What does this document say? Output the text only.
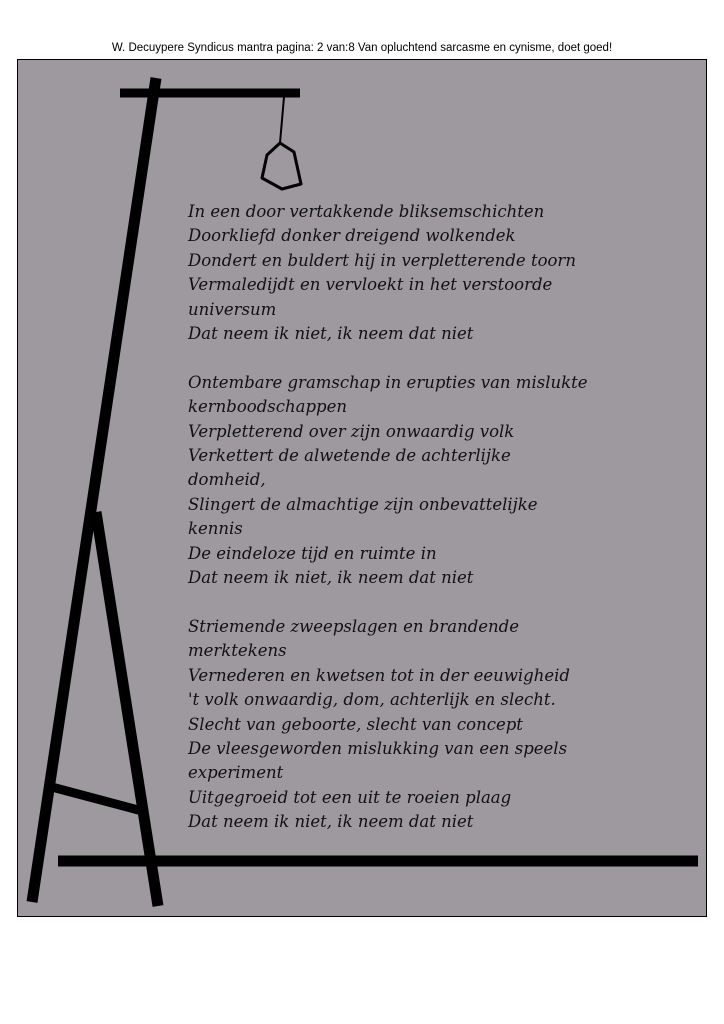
W. Decuypere Syndicus mantra pagina: 2 van:8 Van opluchtend sarcasme en cynisme, doet goed!
In een door vertakkende bliksemschichten
Doorkliefd donker dreigend wolkendek
Dondert en buldert hij in verpletterende toorn
Vermaledijdt en vervloekt in het verstoorde
universum
Dat neem ik niet, ik neem dat niet
Ontembare gramschap in erupties van mislukte
kernboodschappen
Verpletterend over zijn onwaardig volk
Verkettert de alwetende de achterlijke
domheid,
Slingert de almachtige zijn onbevattelijke
kennis
De eindeloze tijd en ruimte in
Dat neem ik niet, ik neem dat niet
Striemende zweepslagen en brandende
merktekens
Vernederen en kwetsen tot in der eeuwigheid
't volk onwaardig, dom, achterlijk en slecht.
Slecht van geboorte, slecht van concept
De vleesgeworden mislukking van een speels
experiment
Uitgegroeid tot een uit te roeien plaag
Dat neem ik niet, ik neem dat niet
